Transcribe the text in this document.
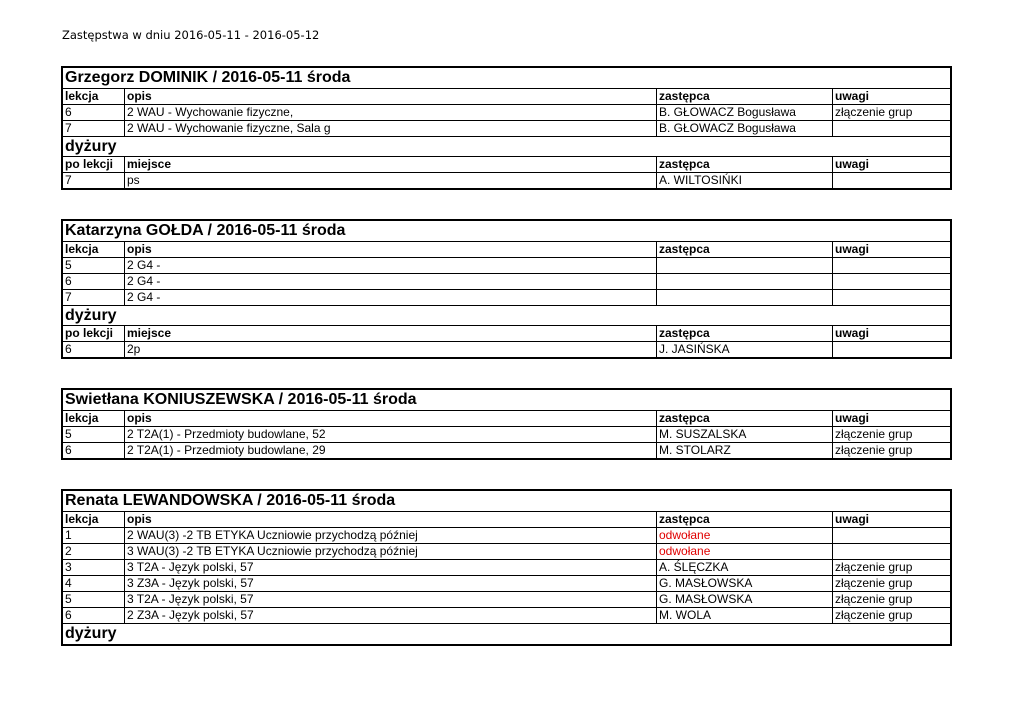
Zastępstwa w dniu 2016-05-11 - 2016-05-12
Grzegorz DOMINIK / 2016-05-11 środa
lekcja	opis	zastępca	uwagi
6	2 WAU - Wychowanie fizyczne,	B. GŁOWACZ Bogusława	złączenie grup
7	2 WAU - Wychowanie fizyczne, Sala g	B. GŁOWACZ Bogusława
dyżury
po lekcji	miejsce	zastępca	uwagi
7	ps	A. WILTOSIŃKI
Katarzyna GOŁDA / 2016-05-11 środa
lekcja	opis	zastępca	uwagi
5	2 G4 -
6	2 G4 -
7	2 G4 -
dyżury
po lekcji	miejsce	zastępca	uwagi
6	2p	J. JASIŃSKA
Swietłana KONIUSZEWSKA / 2016-05-11 środa
lekcja	opis	zastępca	uwagi
5	2 T2A(1) - Przedmioty budowlane, 52	M. SUSZALSKA	złączenie grup
6	2 T2A(1) - Przedmioty budowlane, 29	M. STOLARZ	złączenie grup
Renata LEWANDOWSKA / 2016-05-11 środa
lekcja	opis	zastępca	uwagi
1	2 WAU(3) -2 TB ETYKA Uczniowie przychodzą później	odwołane
2	3 WAU(3) -2 TB ETYKA Uczniowie przychodzą później	odwołane
3	3 T2A - Język polski, 57	A. ŚLĘCZKA	złączenie grup
4	3 Z3A - Język polski, 57	G. MASŁOWSKA	złączenie grup
5	3 T2A - Język polski, 57	G. MASŁOWSKA	złączenie grup
6	2 Z3A - Język polski, 57	M. WOLA	złączenie grup
dyżury
